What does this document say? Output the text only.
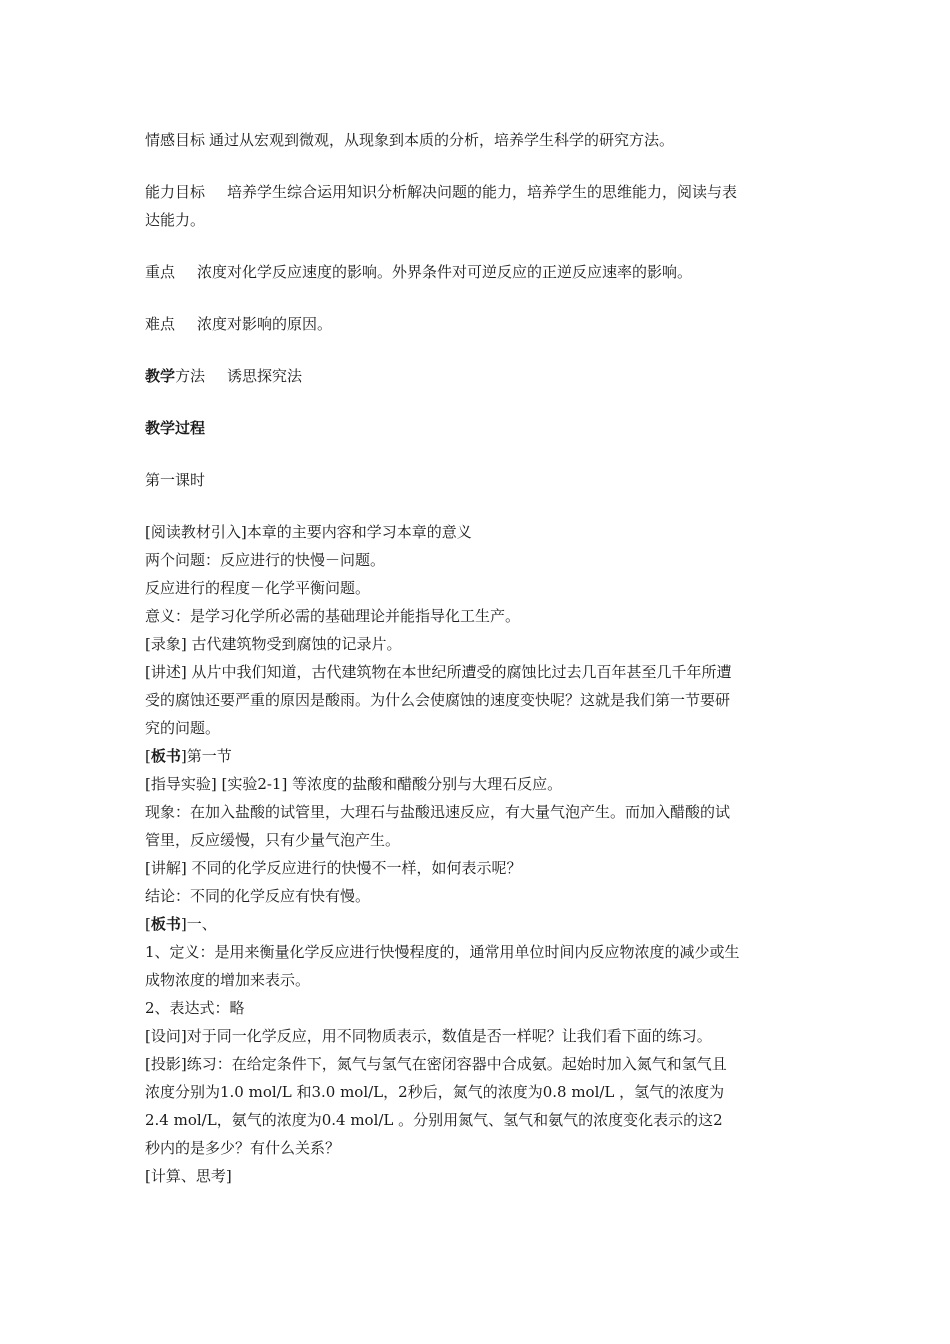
情感目标 通过从宏观到微观，从现象到本质的分析，培养学生科学的研究方法。
能力目标 培养学生综合运用知识分析解决问题的能力，培养学生的思维能力，阅读与表
达能力。
重点 浓度对化学反应速度的影响。外界条件对可逆反应的正逆反应速率的影响。
难点 浓度对影响的原因。
教学方法 诱思探究法
教学过程
第一课时
[阅读教材引入]本章的主要内容和学习本章的意义
两个问题：反应进行的快慢－问题。
反应进行的程度－化学平衡问题。
意义：是学习化学所必需的基础理论并能指导化工生产。
[录象] 古代建筑物受到腐蚀的记录片。
[讲述] 从片中我们知道，古代建筑物在本世纪所遭受的腐蚀比过去几百年甚至几千年所遭
受的腐蚀还要严重的原因是酸雨。为什么会使腐蚀的速度变快呢？这就是我们第一节要研
究的问题。
[板书]第一节
[指导实验] [实验2-1] 等浓度的盐酸和醋酸分别与大理石反应。
现象：在加入盐酸的试管里，大理石与盐酸迅速反应，有大量气泡产生。而加入醋酸的试
管里，反应缓慢，只有少量气泡产生。
[讲解] 不同的化学反应进行的快慢不一样，如何表示呢？
结论：不同的化学反应有快有慢。
[板书]一、
1、定义：是用来衡量化学反应进行快慢程度的，通常用单位时间内反应物浓度的减少或生
成物浓度的增加来表示。
2、表达式：略
[设问]对于同一化学反应，用不同物质表示，数值是否一样呢？让我们看下面的练习。
[投影]练习：在给定条件下，氮气与氢气在密闭容器中合成氨。起始时加入氮气和氢气且
浓度分别为1.0 mol/L 和3.0 mol/L，2秒后，氮气的浓度为0.8 mol/L ，氢气的浓度为
2.4 mol/L，氨气的浓度为0.4 mol/L 。分别用氮气、氢气和氨气的浓度变化表示的这2
秒内的是多少？有什么关系？
[计算、思考]
